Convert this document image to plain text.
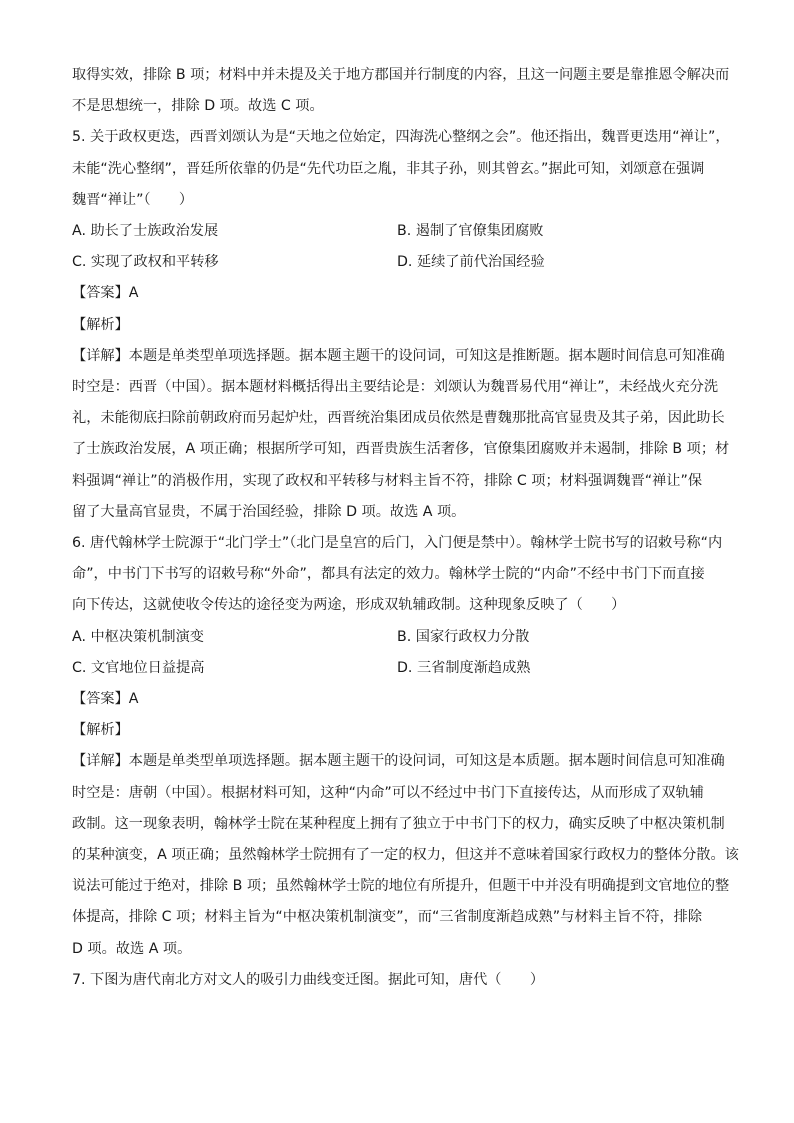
取得实效，排除 B 项；材料中并未提及关于地方郡国并行制度的内容，且这一问题主要是靠推恩令解决而
不是思想统一，排除 D 项。故选 C 项。
5. 关于政权更迭，西晋刘颂认为是“天地之位始定，四海洗心整纲之会”。他还指出，魏晋更迭用“禅让”，
未能“洗心整纲”，晋廷所依靠的仍是“先代功臣之胤，非其子孙，则其曾玄。”据此可知，刘颂意在强调
魏晋“禅让”（　　）
A. 助长了士族政治发展	B. 遏制了官僚集团腐败
C. 实现了政权和平转移	D. 延续了前代治国经验
【答案】A
【解析】
【详解】本题是单类型单项选择题。据本题主题干的设问词，可知这是推断题。据本题时间信息可知准确
时空是：西晋（中国）。据本题材料概括得出主要结论是：刘颂认为魏晋易代用“禅让”，未经战火充分洗
礼，未能彻底扫除前朝政府而另起炉灶，西晋统治集团成员依然是曹魏那批高官显贵及其子弟，因此助长
了士族政治发展，A 项正确；根据所学可知，西晋贵族生活奢侈，官僚集团腐败并未遏制，排除 B 项；材
料强调“禅让”的消极作用，实现了政权和平转移与材料主旨不符，排除 C 项；材料强调魏晋“禅让”保
留了大量高官显贵，不属于治国经验，排除 D 项。故选 A 项。
6. 唐代翰林学士院源于“北门学士”（北门是皇宫的后门，入门便是禁中）。翰林学士院书写的诏敕号称“内
命”，中书门下书写的诏敕号称“外命”，都具有法定的效力。翰林学士院的“内命”不经中书门下而直接
向下传达，这就使收令传达的途径变为两途，形成双轨辅政制。这种现象反映了（　　）
A. 中枢决策机制演变	B. 国家行政权力分散
C. 文官地位日益提高	D. 三省制度渐趋成熟
【答案】A
【解析】
【详解】本题是单类型单项选择题。据本题主题干的设问词，可知这是本质题。据本题时间信息可知准确
时空是：唐朝（中国）。根据材料可知，这种“内命”可以不经过中书门下直接传达，从而形成了双轨辅
政制。这一现象表明，翰林学士院在某种程度上拥有了独立于中书门下的权力，确实反映了中枢决策机制
的某种演变，A 项正确；虽然翰林学士院拥有了一定的权力，但这并不意味着国家行政权力的整体分散。该
说法可能过于绝对，排除 B 项；虽然翰林学士院的地位有所提升，但题干中并没有明确提到文官地位的整
体提高，排除 C 项；材料主旨为“中枢决策机制演变”，而“三省制度渐趋成熟”与材料主旨不符，排除
D 项。故选 A 项。
7. 下图为唐代南北方对文人的吸引力曲线变迁图。据此可知，唐代（　　）
